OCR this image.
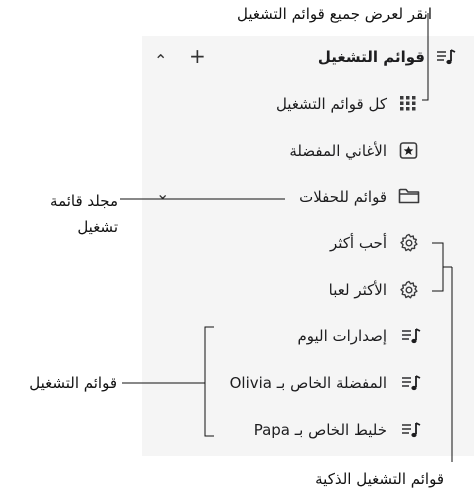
قوائم التشغيل
+
⌃
كل قوائم التشغيل
الأغاني المفضلة
قوائم للحفلات
⌄
أحب أكثر
الأكثر لعبا
إصدارات اليوم
المفضلة الخاص بـ Olivia
خليط الخاص بـ Papa
انقر لعرض جميع قوائم التشغيل
مجلد قائمة تشغيل
قوائم التشغيل
قوائم التشغيل الذكية
